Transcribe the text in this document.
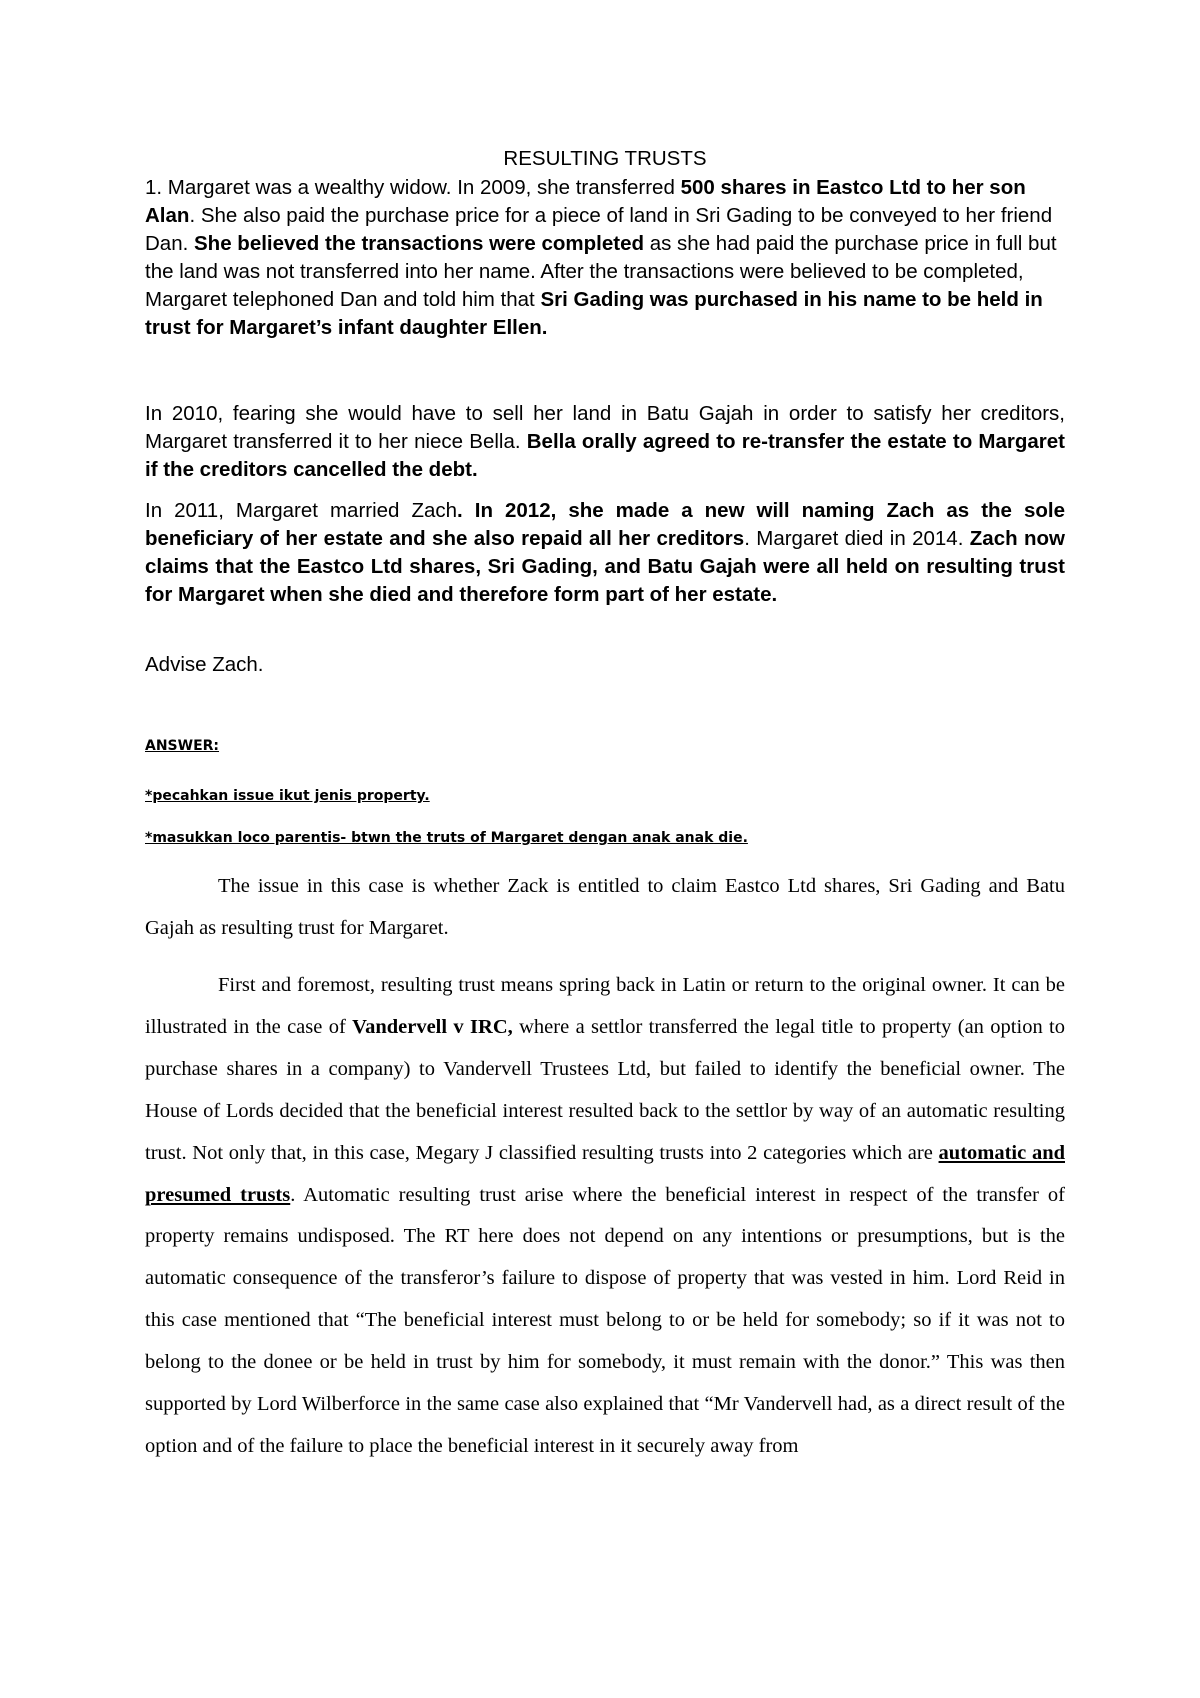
RESULTING TRUSTS
1. Margaret was a wealthy widow. In 2009, she transferred 500 shares in Eastco Ltd to her son Alan. She also paid the purchase price for a piece of land in Sri Gading to be conveyed to her friend Dan. She believed the transactions were completed as she had paid the purchase price in full but the land was not transferred into her name. After the transactions were believed to be completed, Margaret telephoned Dan and told him that Sri Gading was purchased in his name to be held in trust for Margaret’s infant daughter Ellen.
In 2010, fearing she would have to sell her land in Batu Gajah in order to satisfy her creditors, Margaret transferred it to her niece Bella. Bella orally agreed to re-transfer the estate to Margaret if the creditors cancelled the debt.
In 2011, Margaret married Zach. In 2012, she made a new will naming Zach as the sole beneficiary of her estate and she also repaid all her creditors. Margaret died in 2014. Zach now claims that the Eastco Ltd shares, Sri Gading, and Batu Gajah were all held on resulting trust for Margaret when she died and therefore form part of her estate.
Advise Zach.
ANSWER:
*pecahkan issue ikut jenis property.
*masukkan loco parentis- btwn the truts of Margaret dengan anak anak die.
The issue in this case is whether Zack is entitled to claim Eastco Ltd shares, Sri Gading and Batu Gajah as resulting trust for Margaret.
First and foremost, resulting trust means spring back in Latin or return to the original owner. It can be illustrated in the case of Vandervell v IRC, where a settlor transferred the legal title to property (an option to purchase shares in a company) to Vandervell Trustees Ltd, but failed to identify the beneficial owner. The House of Lords decided that the beneficial interest resulted back to the settlor by way of an automatic resulting trust. Not only that, in this case, Megary J classified resulting trusts into 2 categories which are automatic and presumed trusts. Automatic resulting trust arise where the beneficial interest in respect of the transfer of property remains undisposed. The RT here does not depend on any intentions or presumptions, but is the automatic consequence of the transferor’s failure to dispose of property that was vested in him. Lord Reid in this case mentioned that “The beneficial interest must belong to or be held for somebody; so if it was not to belong to the donee or be held in trust by him for somebody, it must remain with the donor.” This was then supported by Lord Wilberforce in the same case also explained that “Mr Vandervell had, as a direct result of the option and of the failure to place the beneficial interest in it securely away from
